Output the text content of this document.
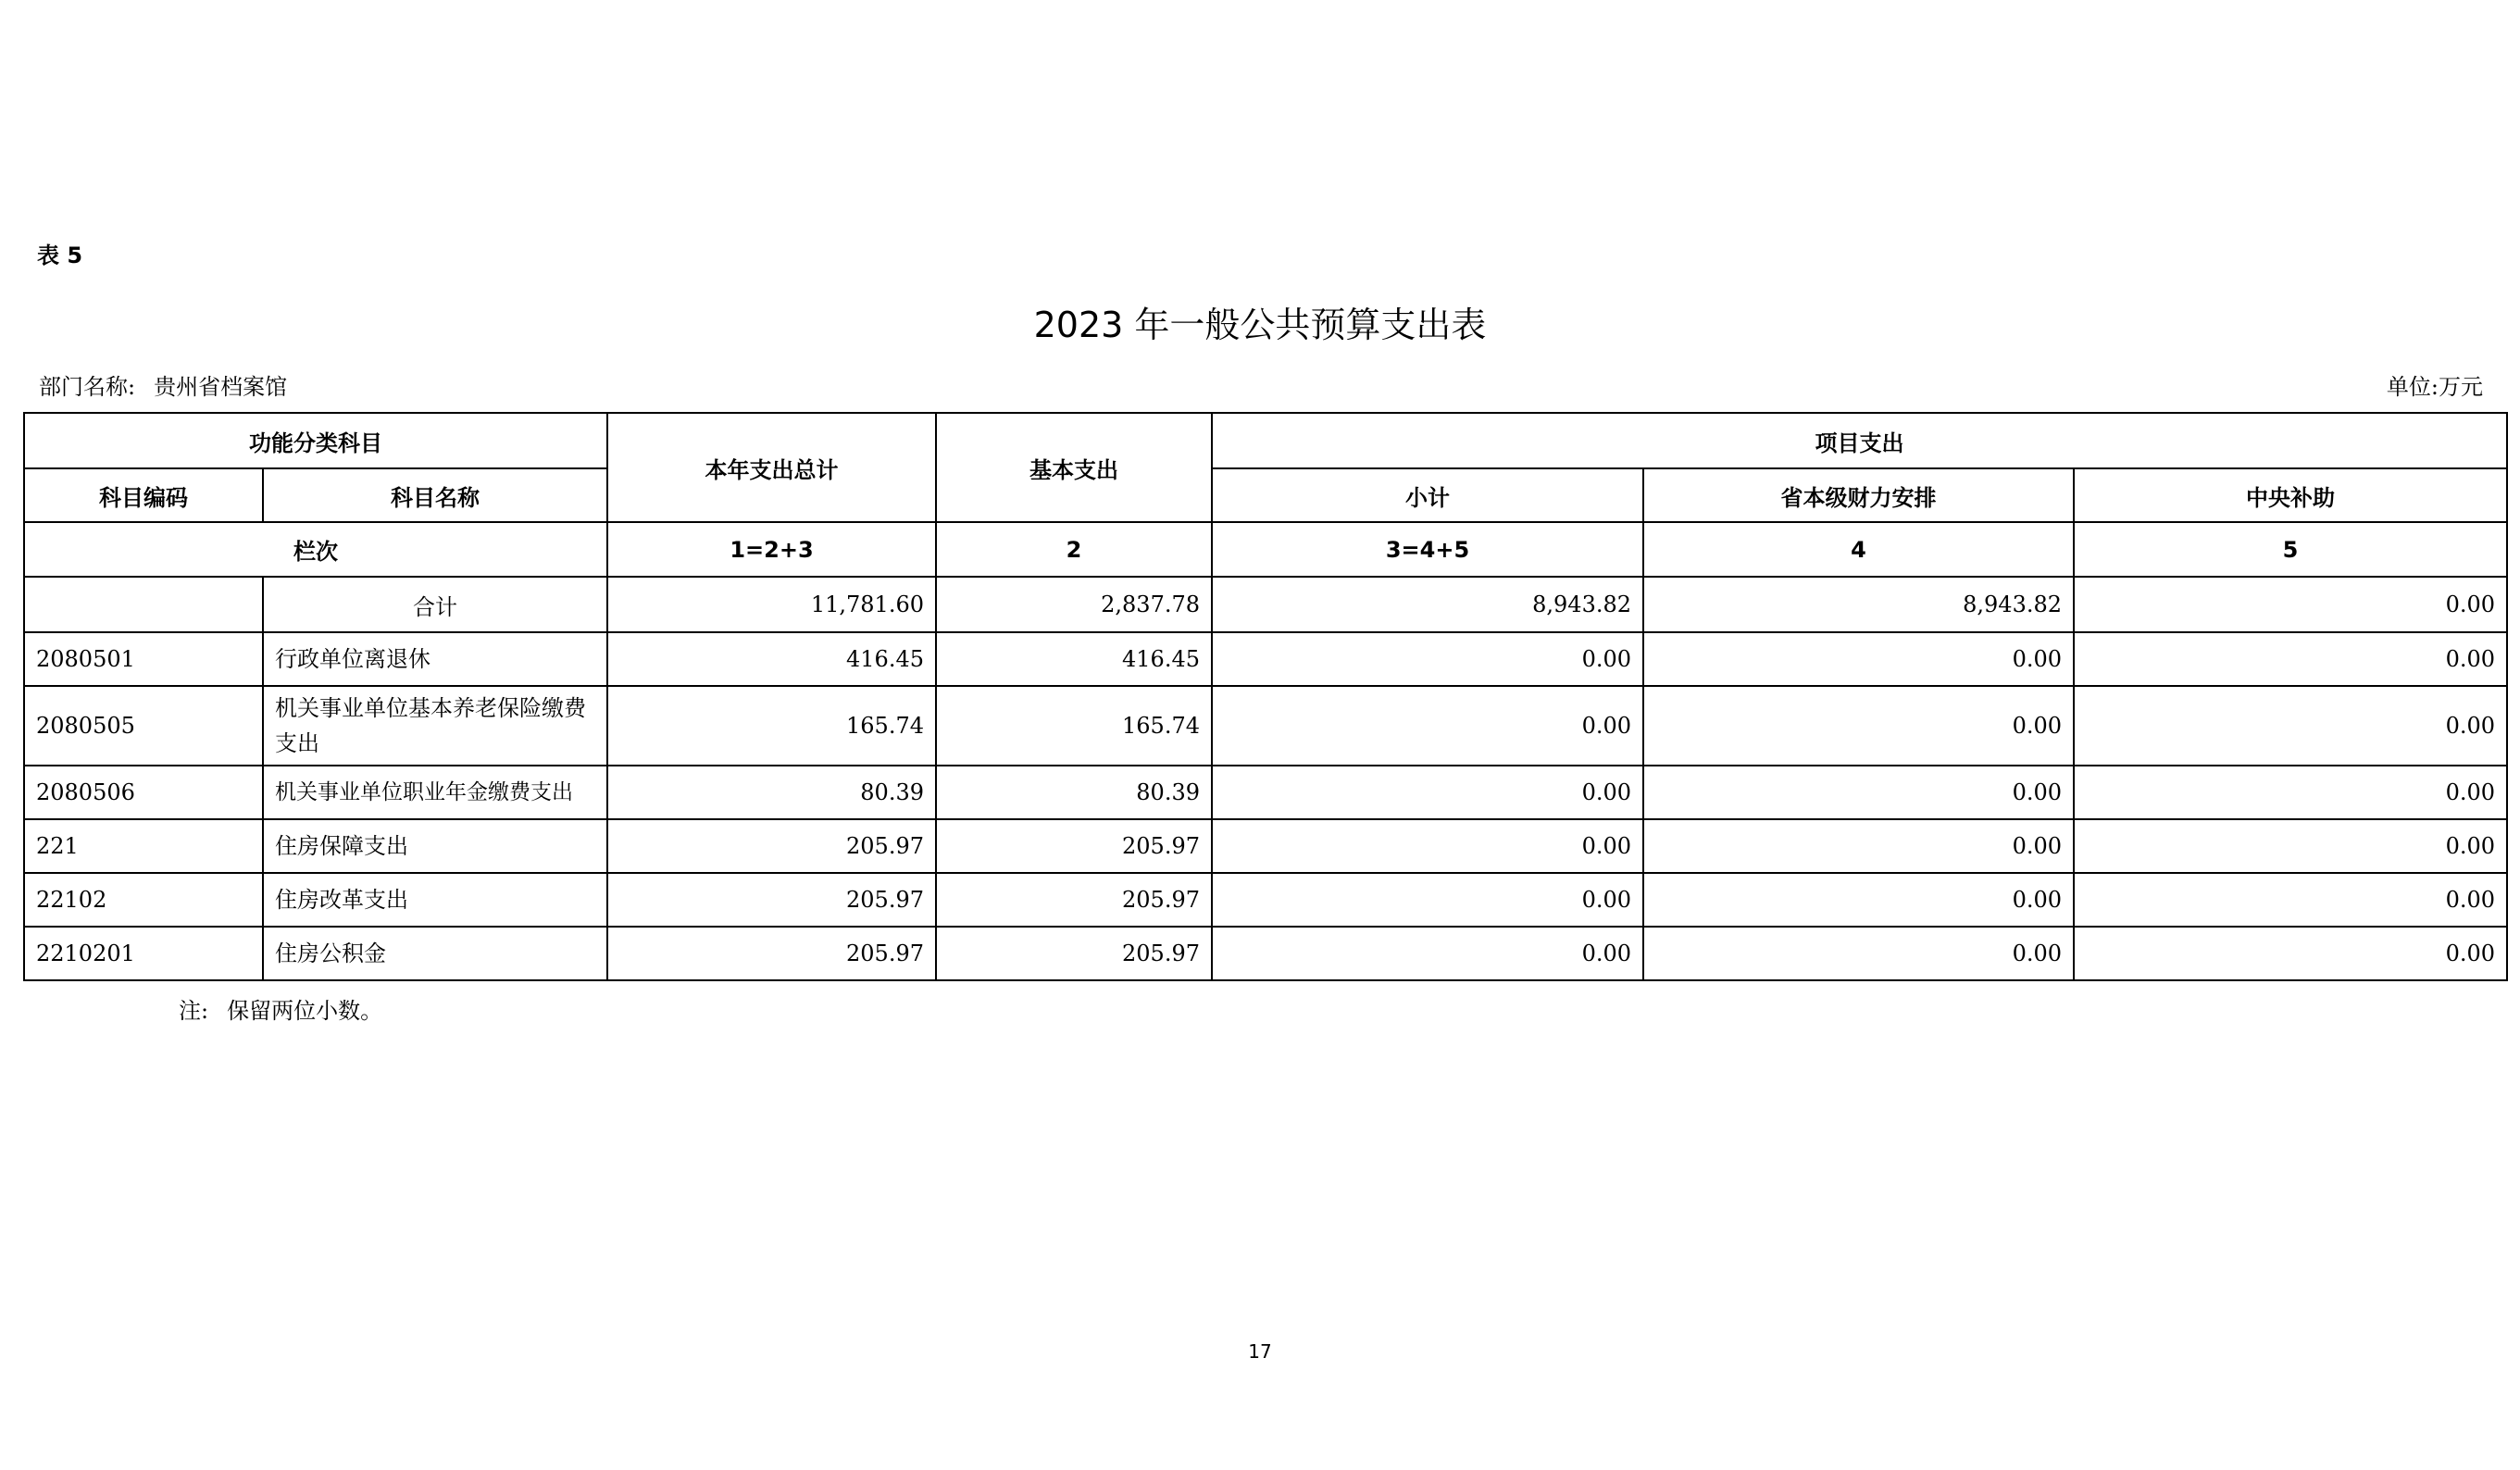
表 5
2023 年一般公共预算支出表
部门名称: 贵州省档案馆	单位:万元
功能分类科目		本年支出总计	基本支出	项目支出		
科目编码	科目名称			小计	省本级财力安排	中央补助
栏次		1=2+3	2	3=4+5	4	5
	合计	11,781.60	2,837.78	8,943.82	8,943.82	0.00
2080501	行政单位离退休	416.45	416.45	0.00	0.00	0.00
2080505	机关事业单位基本养老保险缴费支出	165.74	165.74	0.00	0.00	0.00
2080506	机关事业单位职业年金缴费支出	80.39	80.39	0.00	0.00	0.00
221	住房保障支出	205.97	205.97	0.00	0.00	0.00
22102	住房改革支出	205.97	205.97	0.00	0.00	0.00
2210201	住房公积金	205.97	205.97	0.00	0.00	0.00
注: 保留两位小数。
17
